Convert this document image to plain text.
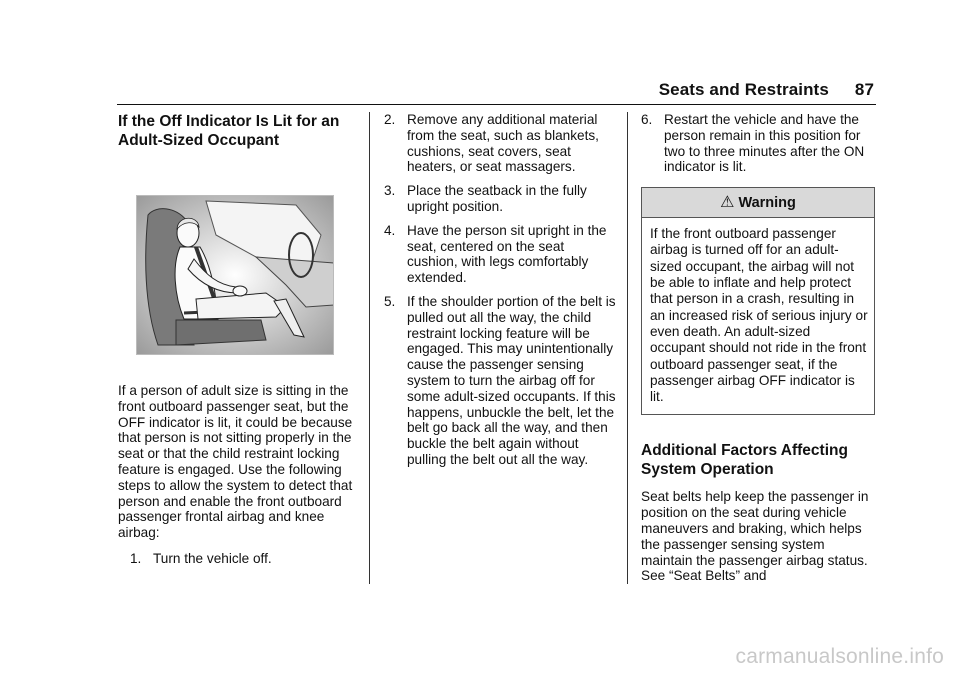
Seats and Restraints 87
If the Off Indicator Is Lit for an Adult-Sized Occupant

If a person of adult size is sitting in the front outboard passenger seat, but the OFF indicator is lit, it could be because that person is not sitting properly in the seat or that the child restraint locking feature is engaged. Use the following steps to allow the system to detect that person and enable the front outboard passenger frontal airbag and knee airbag:

1. Turn the vehicle off.
2. Remove any additional material from the seat, such as blankets, cushions, seat covers, seat heaters, or seat massagers.
3. Place the seatback in the fully upright position.
4. Have the person sit upright in the seat, centered on the seat cushion, with legs comfortably extended.
5. If the shoulder portion of the belt is pulled out all the way, the child restraint locking feature will be engaged. This may unintentionally cause the passenger sensing system to turn the airbag off for some adult-sized occupants. If this happens, unbuckle the belt, let the belt go back all the way, and then buckle the belt again without pulling the belt out all the way.
6. Restart the vehicle and have the person remain in this position for two to three minutes after the ON indicator is lit.
⚠ Warning
If the front outboard passenger airbag is turned off for an adult-sized occupant, the airbag will not be able to inflate and help protect that person in a crash, resulting in an increased risk of serious injury or even death. An adult-sized occupant should not ride in the front outboard passenger seat, if the passenger airbag OFF indicator is lit.
Additional Factors Affecting System Operation

Seat belts help keep the passenger in position on the seat during vehicle maneuvers and braking, which helps the passenger sensing system maintain the passenger airbag status. See “Seat Belts” and

carmanualsonline.info
